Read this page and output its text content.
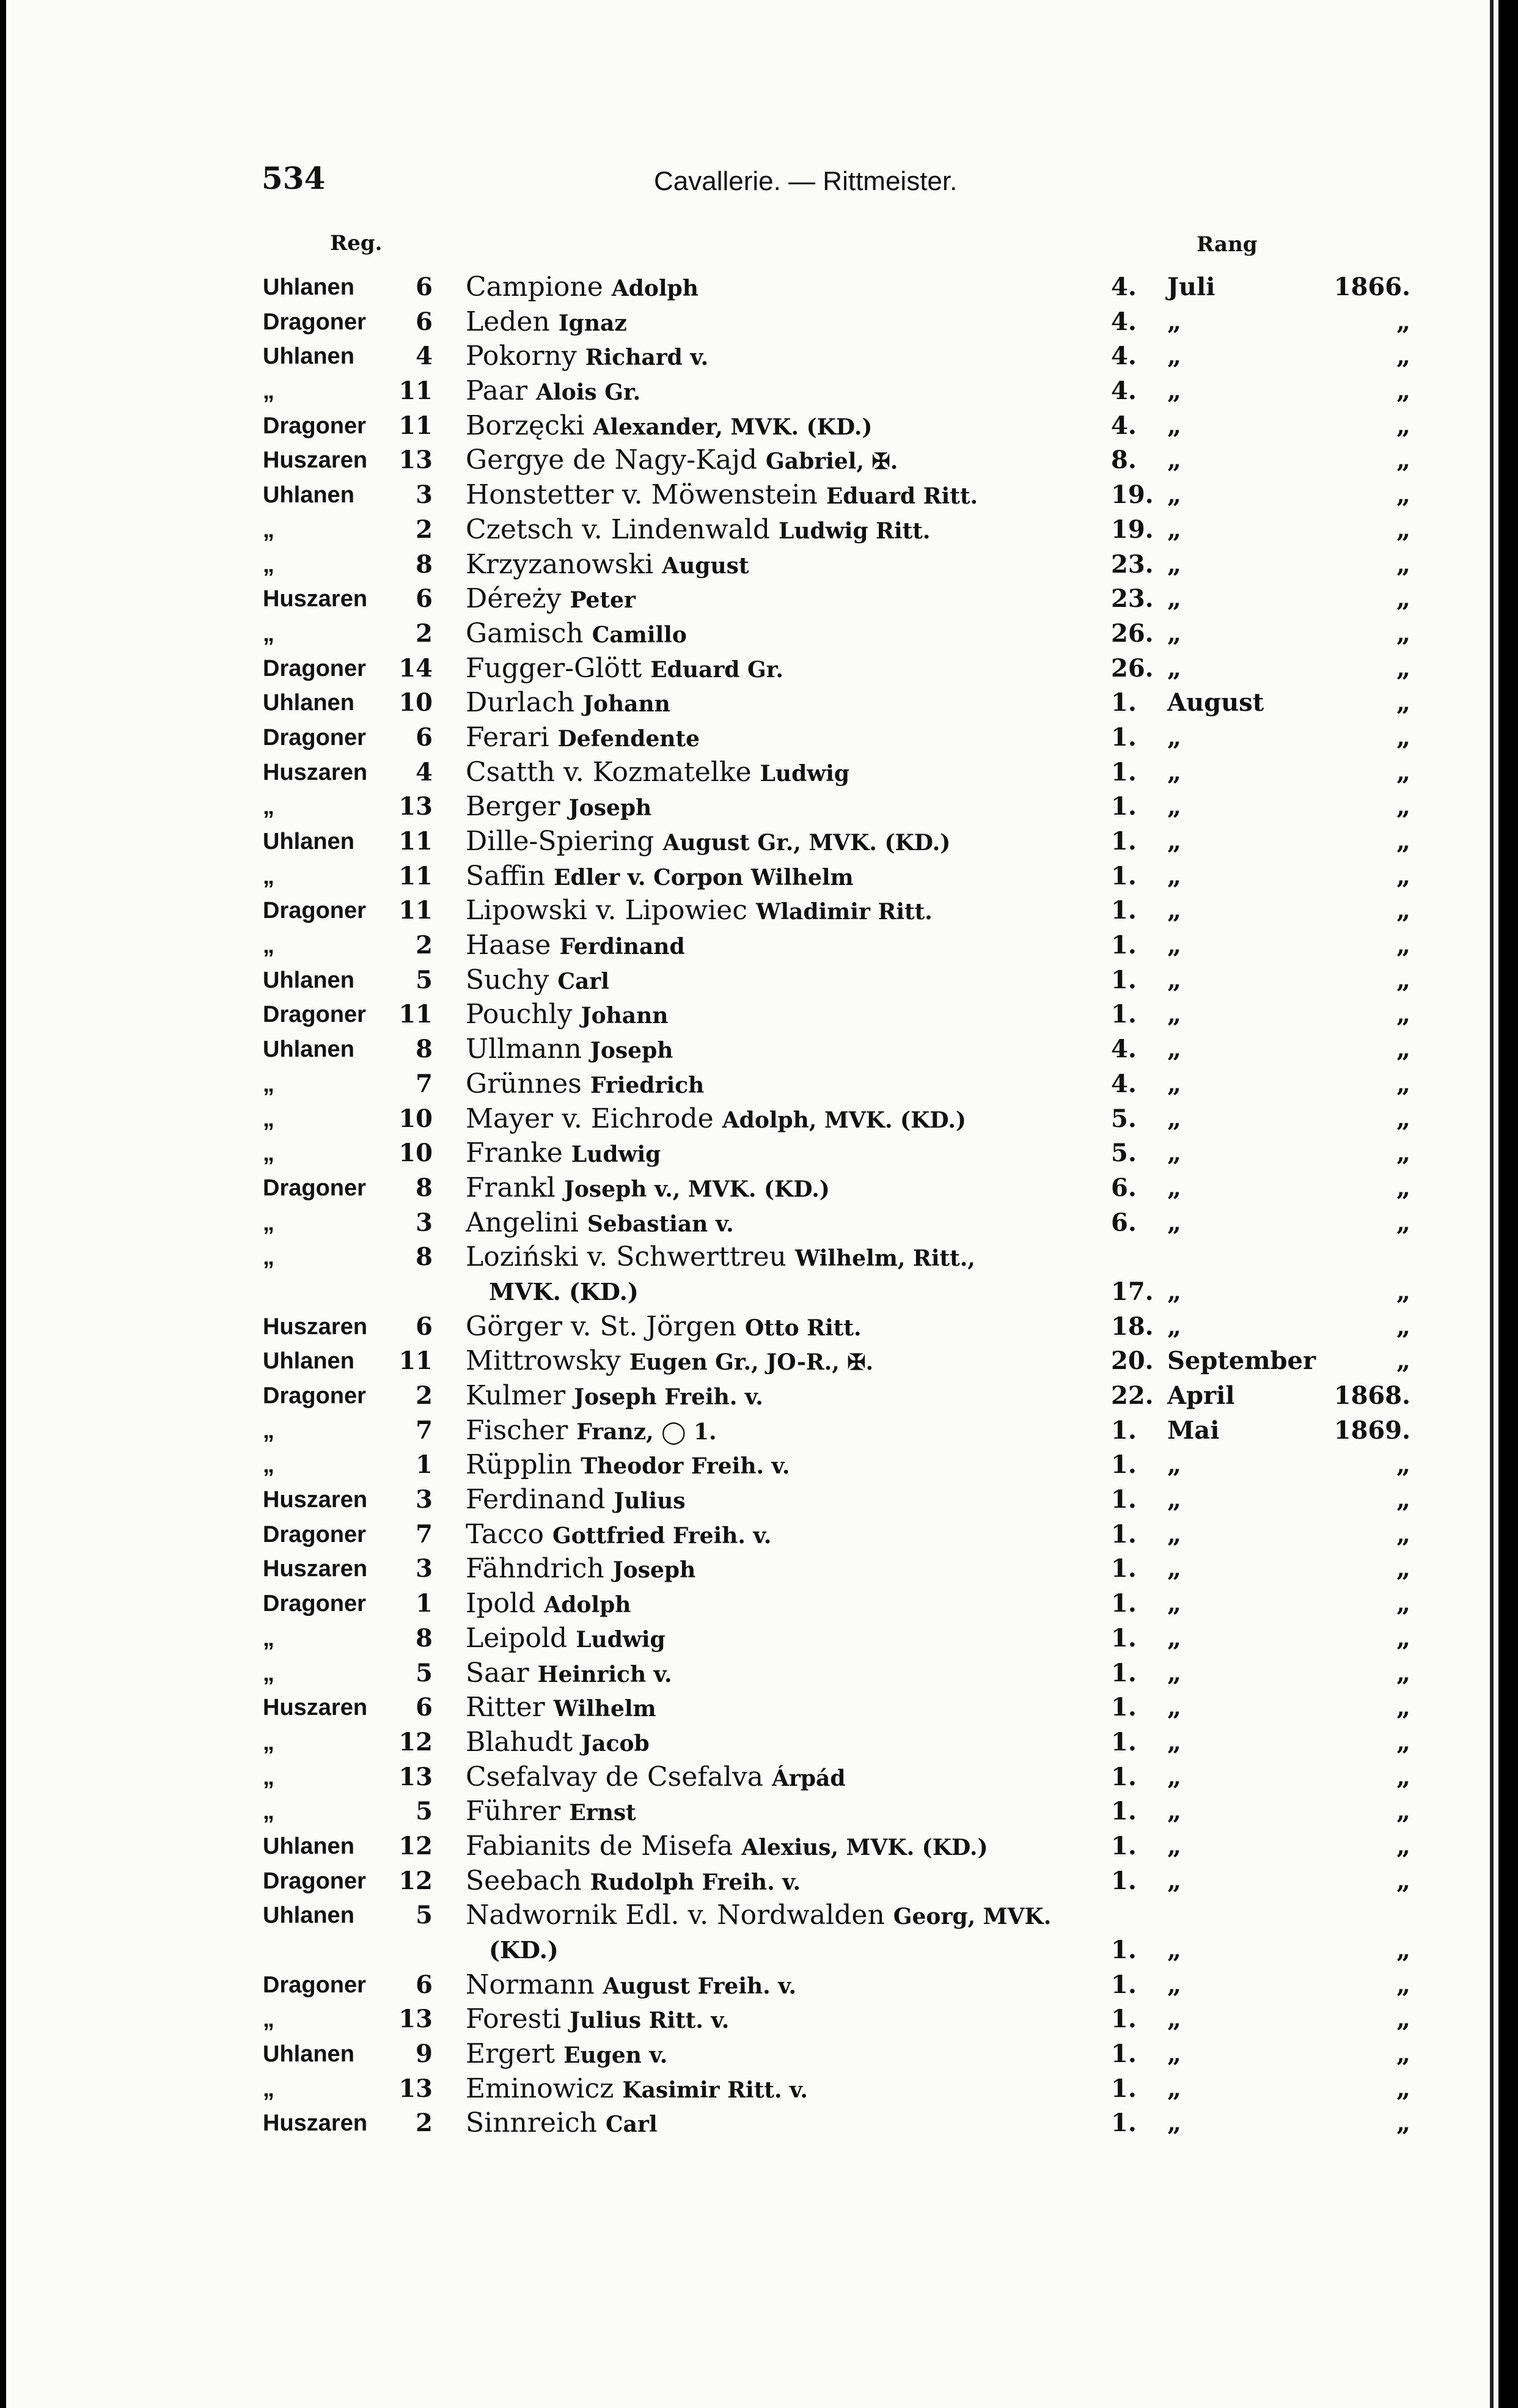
534	Cavallerie. — Rittmeister.
Reg.	Rang
Uhlanen	6 Campione Adolph	4.	Juli	1866.
Dragoner	6 Leden Ignaz	4.	„	„
Uhlanen	4 Pokorny Richard v.	4.	„	„
„	11 Paar Alois Gr.	4.	„	„
Dragoner	11 Borzęcki Alexander, MVK. (KD.)	4.	„	„
Huszaren	13 Gergye de Nagy-Kajd Gabriel, ✠.	8.	„	„
Uhlanen	3 Honstetter v. Möwenstein Eduard Ritt.	19. „	„
„	2 Czetsch v. Lindenwald Ludwig Ritt.	19. „	„
„	8 Krzyzanowski August	23. „	„
Huszaren	6 Déreży Peter	23. „	„
„	2 Gamisch Camillo	26. „	„
Dragoner	14 Fugger-Glött Eduard Gr.	26. „	„
Uhlanen	10 Durlach Johann	1.	August	„
Dragoner	6 Ferari Defendente	1.	„	„
Huszaren	4 Csatth v. Kozmatelke Ludwig	1.	„	„
„	13 Berger Joseph	1.	„	„
Uhlanen	11 Dille-Spiering August Gr., MVK. (KD.)	1.	„	„
„	11 Saffin Edler v. Corpon Wilhelm	1.	„	„
Dragoner	11 Lipowski v. Lipowiec Wladimir Ritt.	1.	„	„
„	2 Haase Ferdinand	1.	„	„
Uhlanen	5 Suchy Carl	1.	„	„
Dragoner	11 Pouchly Johann	1.	„	„
Uhlanen	8 Ullmann Joseph	4.	„	„
„	7 Grünnes Friedrich	4.	„	„
„	10 Mayer v. Eichrode Adolph, MVK. (KD.)	5.	„	„
„	10 Franke Ludwig	5.	„	„
Dragoner	8 Frankl Joseph v., MVK. (KD.)	6.	„	„
„	3 Angelini Sebastian v.	6.	„	„
„	8 Loziński v. Schwerttreu Wilhelm, Ritt.,
MVK. (KD.)	17. „	„
Huszaren	6 Görger v. St. Jörgen Otto Ritt.	18. „	„
Uhlanen	11 Mittrowsky Eugen Gr., JO-R., ✠.	20. September	„
Dragoner	2 Kulmer Joseph Freih. v.	22. April	1868.
„	7 Fischer Franz, ◯ 1.	1.	Mai	1869.
„	1 Rüpplin Theodor Freih. v.	1.	„	„
Huszaren	3 Ferdinand Julius	1.	„	„
Dragoner	7 Tacco Gottfried Freih. v.	1.	„	„
Huszaren	3 Fähndrich Joseph	1.	„	„
Dragoner	1 Ipold Adolph	1.	„	„
„	8 Leipold Ludwig	1.	„	„
„	5 Saar Heinrich v.	1.	„	„
Huszaren	6 Ritter Wilhelm	1.	„	„
„	12 Blahudt Jacob	1.	„	„
„	13 Csefalvay de Csefalva Árpád	1.	„	„
„	5 Führer Ernst	1.	„	„
Uhlanen	12 Fabianits de Misefa Alexius, MVK. (KD.)	1.	„	„
Dragoner	12 Seebach Rudolph Freih. v.	1.	„	„
Uhlanen	5 Nadwornik Edl. v. Nordwalden Georg, MVK.
(KD.)	1.	„	„
Dragoner	6 Normann August Freih. v.	1.	„	„
„	13 Foresti Julius Ritt. v.	1.	„	„
Uhlanen	9 Ergert Eugen v.	1.	„	„
„	13 Eminowicz Kasimir Ritt. v.	1.	„	„
Huszaren	2 Sinnreich Carl	1.	„	„
